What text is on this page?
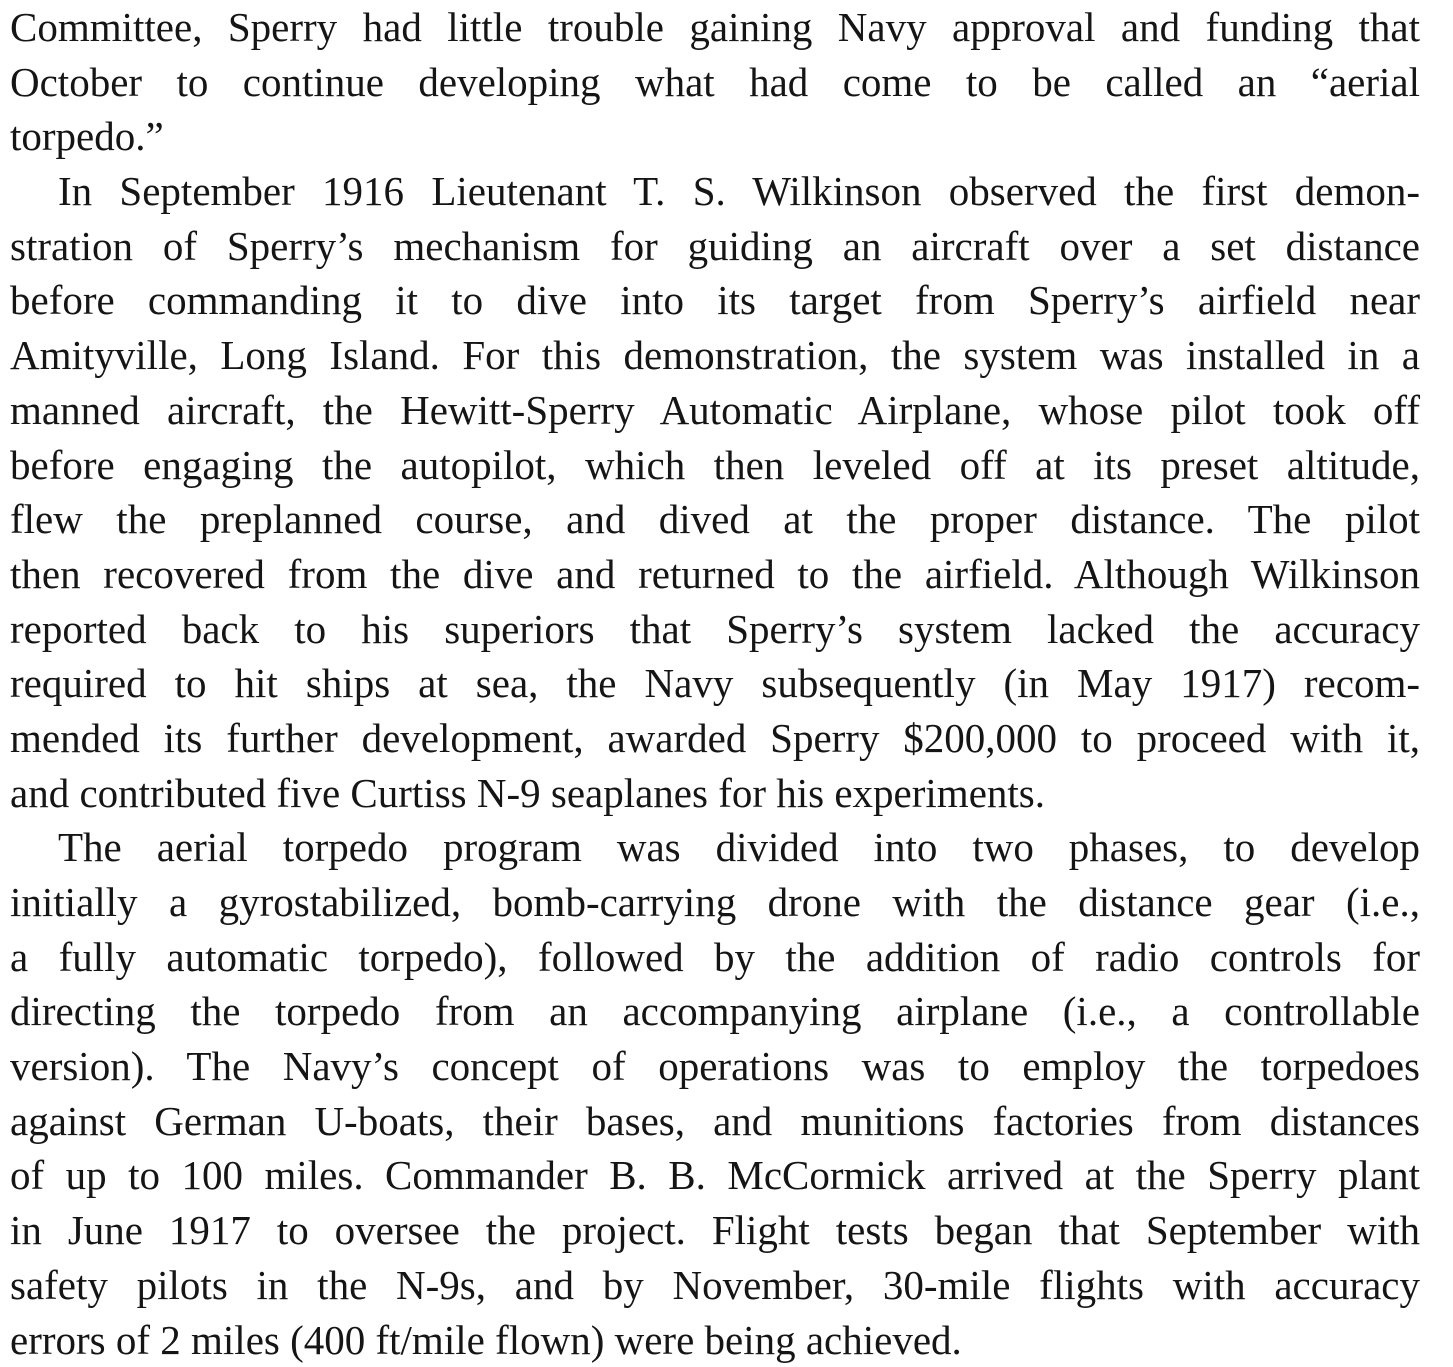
Committee, Sperry had little trouble gaining Navy approval and funding that
October to continue developing what had come to be called an “aerial
torpedo.”
In September 1916 Lieutenant T. S. Wilkinson observed the first demon-
stration of Sperry’s mechanism for guiding an aircraft over a set distance
before commanding it to dive into its target from Sperry’s airfield near
Amityville, Long Island. For this demonstration, the system was installed in a
manned aircraft, the Hewitt-Sperry Automatic Airplane, whose pilot took off
before engaging the autopilot, which then leveled off at its preset altitude,
flew the preplanned course, and dived at the proper distance. The pilot
then recovered from the dive and returned to the airfield. Although Wilkinson
reported back to his superiors that Sperry’s system lacked the accuracy
required to hit ships at sea, the Navy subsequently (in May 1917) recom-
mended its further development, awarded Sperry $200,000 to proceed with it,
and contributed five Curtiss N-9 seaplanes for his experiments.
The aerial torpedo program was divided into two phases, to develop
initially a gyrostabilized, bomb-carrying drone with the distance gear (i.e.,
a fully automatic torpedo), followed by the addition of radio controls for
directing the torpedo from an accompanying airplane (i.e., a controllable
version). The Navy’s concept of operations was to employ the torpedoes
against German U-boats, their bases, and munitions factories from distances
of up to 100 miles. Commander B. B. McCormick arrived at the Sperry plant
in June 1917 to oversee the project. Flight tests began that September with
safety pilots in the N-9s, and by November, 30-mile flights with accuracy
errors of 2 miles (400 ft/mile flown) were being achieved.
